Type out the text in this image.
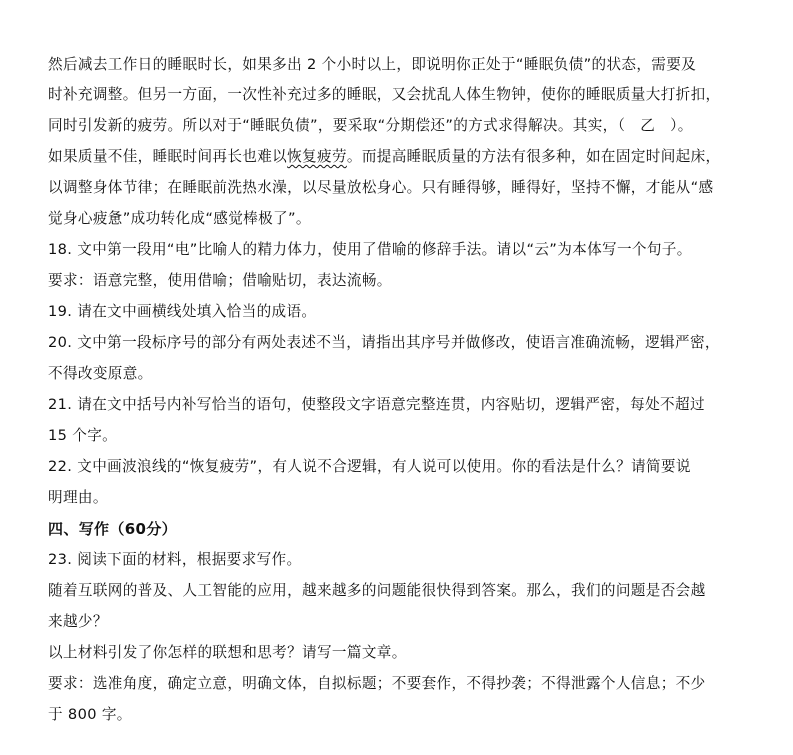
然后减去工作日的睡眠时长，如果多出 2 个小时以上，即说明你正处于“睡眠负债”的状态，需要及
时补充调整。但另一方面，一次性补充过多的睡眠，又会扰乱人体生物钟，使你的睡眠质量大打折扣，
同时引发新的疲劳。所以对于“睡眠负债”，要采取“分期偿还”的方式求得解决。其实，（　乙　）。
如果质量不佳，睡眠时间再长也难以恢复疲劳。而提高睡眠质量的方法有很多种，如在固定时间起床，
以调整身体节律；在睡眠前洗热水澡，以尽量放松身心。只有睡得够，睡得好，坚持不懈，才能从“感
觉身心疲惫”成功转化成“感觉棒极了”。
18. 文中第一段用“电”比喻人的精力体力，使用了借喻的修辞手法。请以“云”为本体写一个句子。
要求：语意完整，使用借喻；借喻贴切，表达流畅。
19. 请在文中画横线处填入恰当的成语。
20. 文中第一段标序号的部分有两处表述不当，请指出其序号并做修改，使语言准确流畅，逻辑严密，
不得改变原意。
21. 请在文中括号内补写恰当的语句，使整段文字语意完整连贯，内容贴切，逻辑严密，每处不超过
15 个字。
22. 文中画波浪线的“恢复疲劳”，有人说不合逻辑，有人说可以使用。你的看法是什么？请简要说
明理由。
四、写作（60分）
23. 阅读下面的材料，根据要求写作。
随着互联网的普及、人工智能的应用，越来越多的问题能很快得到答案。那么，我们的问题是否会越
来越少？
以上材料引发了你怎样的联想和思考？请写一篇文章。
要求：选准角度，确定立意，明确文体，自拟标题；不要套作，不得抄袭；不得泄露个人信息；不少
于 800 字。
